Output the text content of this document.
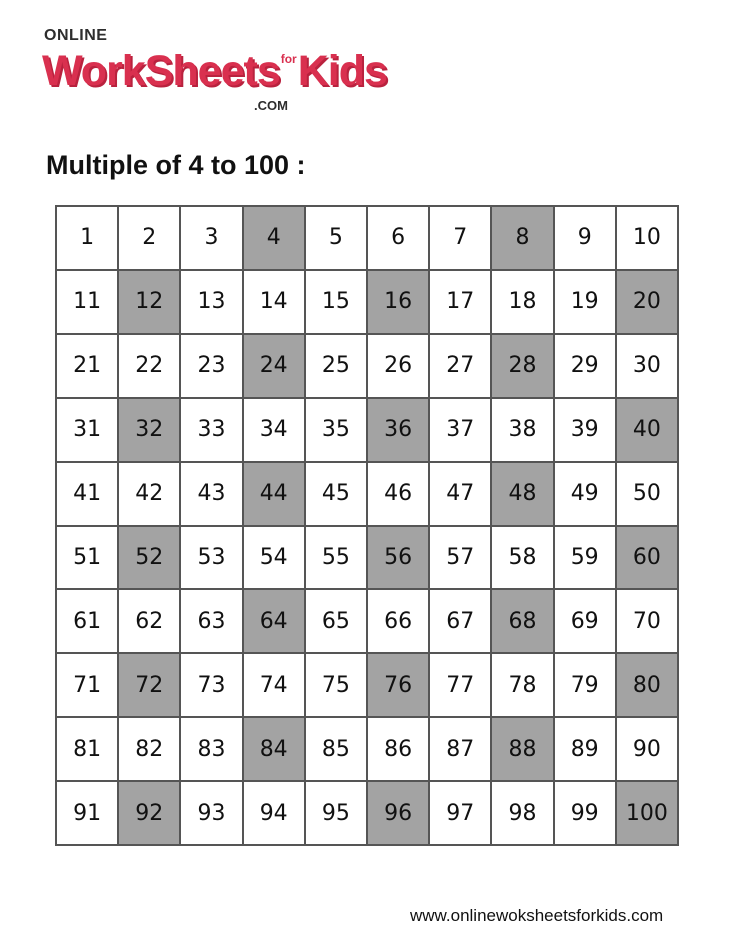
ONLINE
WorkSheets$^{for}$Kids
.COM
Multiple of 4 to 100 :
1	2	3	4	5	6	7	8	9	10
11	12	13	14	15	16	17	18	19	20
21	22	23	24	25	26	27	28	29	30
31	32	33	34	35	36	37	38	39	40
41	42	43	44	45	46	47	48	49	50
51	52	53	54	55	56	57	58	59	60
61	62	63	64	65	66	67	68	69	70
71	72	73	74	75	76	77	78	79	80
81	82	83	84	85	86	87	88	89	90
91	92	93	94	95	96	97	98	99	100
www.onlinewoksheetsforkids.com
